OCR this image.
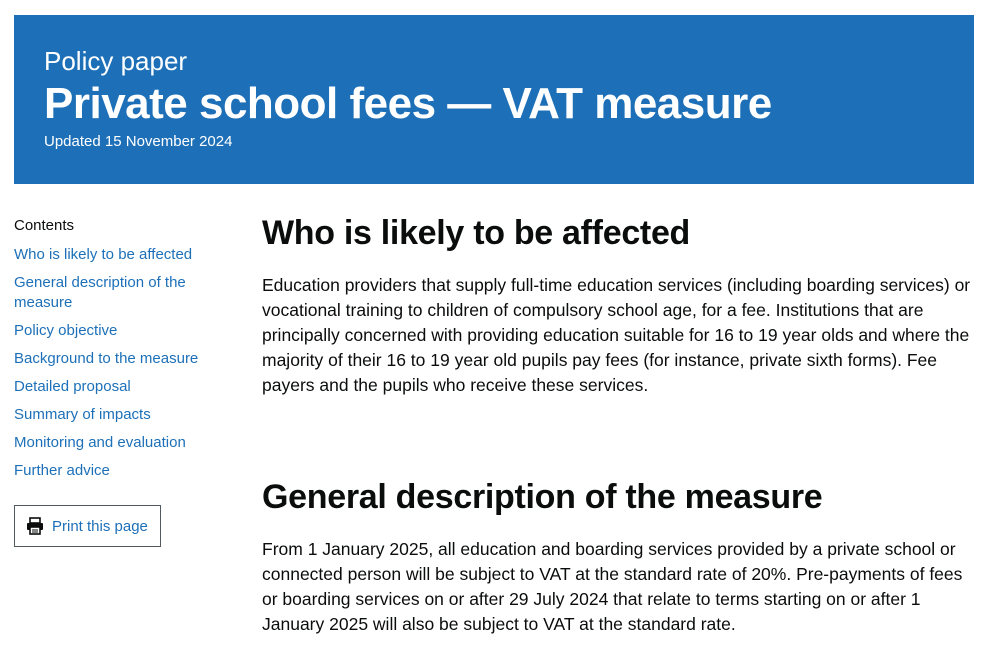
Policy paper
Private school fees — VAT measure
Updated 15 November 2024
Contents
Who is likely to be affected
General description of the measure
Policy objective
Background to the measure
Detailed proposal
Summary of impacts
Monitoring and evaluation
Further advice
Print this page
Who is likely to be affected

Education providers that supply full-time education services (including boarding services) or vocational training to children of compulsory school age, for a fee. Institutions that are principally concerned with providing education suitable for 16 to 19 year olds and where the majority of their 16 to 19 year old pupils pay fees (for instance, private sixth forms). Fee payers and the pupils who receive these services.

General description of the measure

From 1 January 2025, all education and boarding services provided by a private school or connected person will be subject to VAT at the standard rate of 20%. Pre-payments of fees or boarding services on or after 29 July 2024 that relate to terms starting on or after 1 January 2025 will also be subject to VAT at the standard rate.
